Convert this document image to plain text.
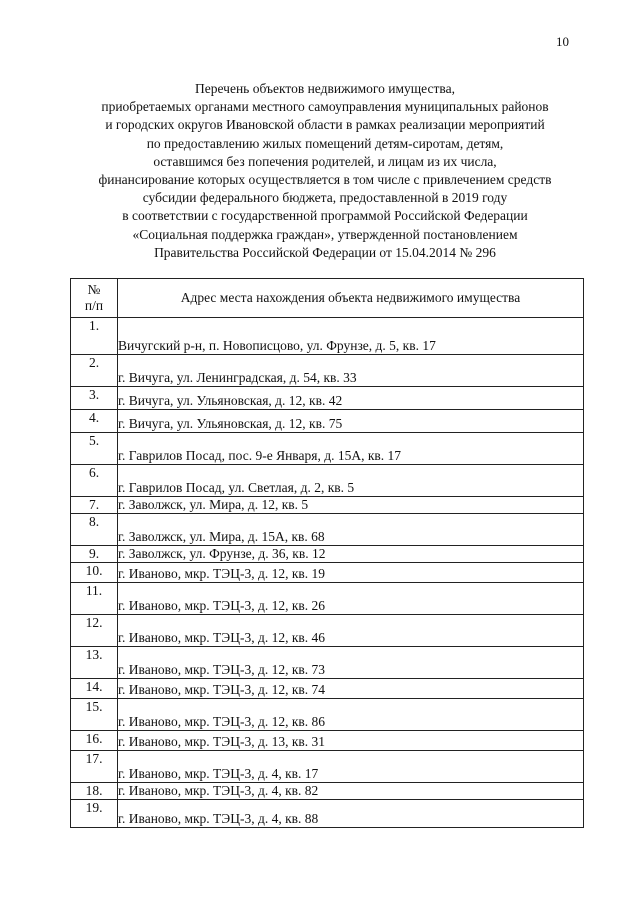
10
Перечень объектов недвижимого имущества,
приобретаемых органами местного самоуправления муниципальных районов
и городских округов Ивановской области в рамках реализации мероприятий
по предоставлению жилых помещений детям-сиротам, детям,
оставшимся без попечения родителей, и лицам из их числа,
финансирование которых осуществляется в том числе с привлечением средств
субсидии федерального бюджета, предоставленной в 2019 году
в соответствии с государственной программой Российской Федерации
«Социальная поддержка граждан», утвержденной постановлением
Правительства Российской Федерации от 15.04.2014 № 296
№
п/п	Адрес места нахождения объекта недвижимого имущества
1.	Вичугский р-н, п. Новописцово, ул. Фрунзе, д. 5, кв. 17
2.	г. Вичуга, ул. Ленинградская, д. 54, кв. 33
3.	г. Вичуга, ул. Ульяновская, д. 12, кв. 42
4.	г. Вичуга, ул. Ульяновская, д. 12, кв. 75
5.	г. Гаврилов Посад, пос. 9-е Января, д. 15А, кв. 17
6.	г. Гаврилов Посад, ул. Светлая, д. 2, кв. 5
7.	г. Заволжск, ул. Мира, д. 12, кв. 5
8.	г. Заволжск, ул. Мира, д. 15А, кв. 68
9.	г. Заволжск, ул. Фрунзе, д. 36, кв. 12
10.	г. Иваново, мкр. ТЭЦ-3, д. 12, кв. 19
11.	г. Иваново, мкр. ТЭЦ-3, д. 12, кв. 26
12.	г. Иваново, мкр. ТЭЦ-3, д. 12, кв. 46
13.	г. Иваново, мкр. ТЭЦ-3, д. 12, кв. 73
14.	г. Иваново, мкр. ТЭЦ-3, д. 12, кв. 74
15.	г. Иваново, мкр. ТЭЦ-3, д. 12, кв. 86
16.	г. Иваново, мкр. ТЭЦ-3, д. 13, кв. 31
17.	г. Иваново, мкр. ТЭЦ-3, д. 4, кв. 17
18.	г. Иваново, мкр. ТЭЦ-3, д. 4, кв. 82
19.	г. Иваново, мкр. ТЭЦ-3, д. 4, кв. 88
